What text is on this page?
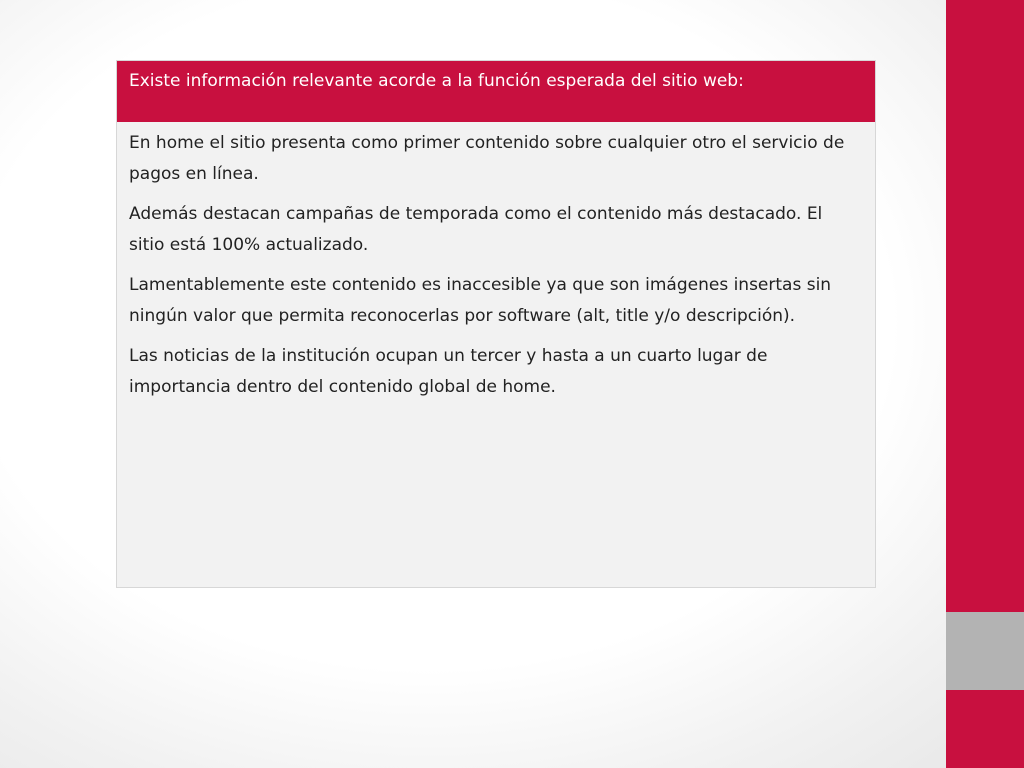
Existe información relevante acorde a la función esperada del sitio web:

En home el sitio presenta como primer contenido sobre cualquier otro el servicio de pagos en línea.

Además destacan campañas de temporada como el contenido más destacado. El sitio está 100% actualizado.

Lamentablemente este contenido es inaccesible ya que son imágenes insertas sin ningún valor que permita reconocerlas por software (alt, title y/o descripción).

Las noticias de la institución ocupan un tercer y hasta a un cuarto lugar de importancia dentro del contenido global de home.
